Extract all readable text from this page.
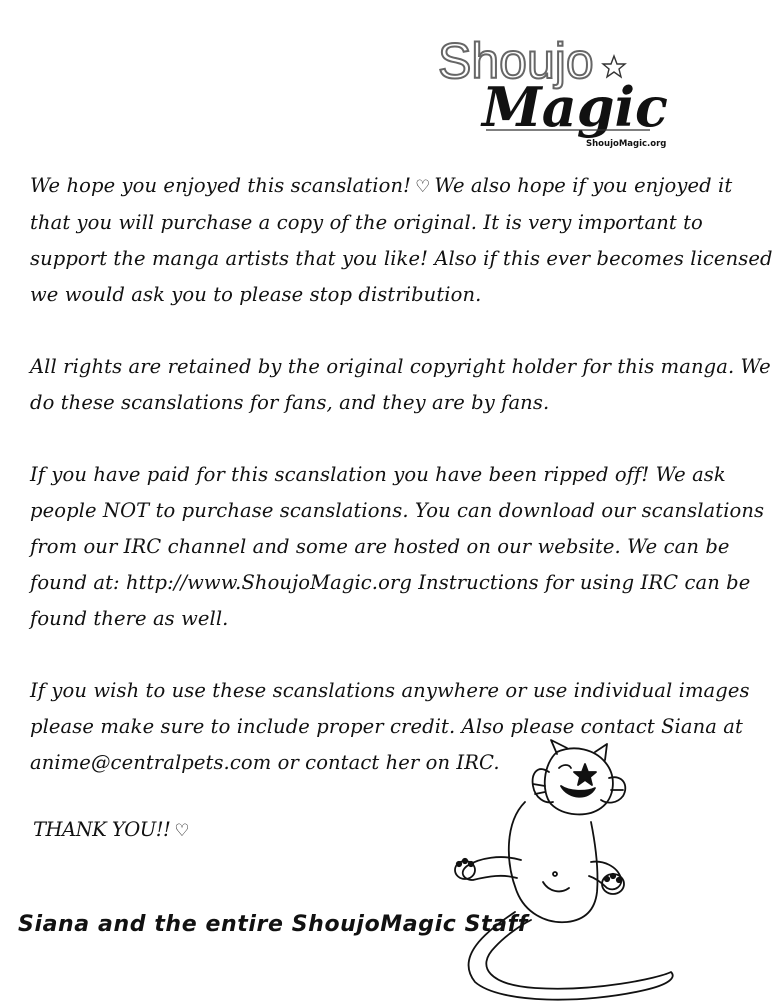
Shoujo
Magic
ShoujoMagic.org

We hope you enjoyed this scanslation! ♡ We also hope if you enjoyed it
that you will purchase a copy of the original. It is very important to
support the manga artists that you like! Also if this ever becomes licensed
we would ask you to please stop distribution.

All rights are retained by the original copyright holder for this manga. We
do these scanslations for fans, and they are by fans.

If you have paid for this scanslation you have been ripped off! We ask
people NOT to purchase scanslations. You can download our scanslations
from our IRC channel and some are hosted on our website. We can be
found at: http://www.ShoujoMagic.org Instructions for using IRC can be
found there as well.

If you wish to use these scanslations anywhere or use individual images
please make sure to include proper credit. Also please contact Siana at
anime@centralpets.com or contact her on IRC.

THANK YOU!! ♡
Siana and the entire ShoujoMagic Staff
